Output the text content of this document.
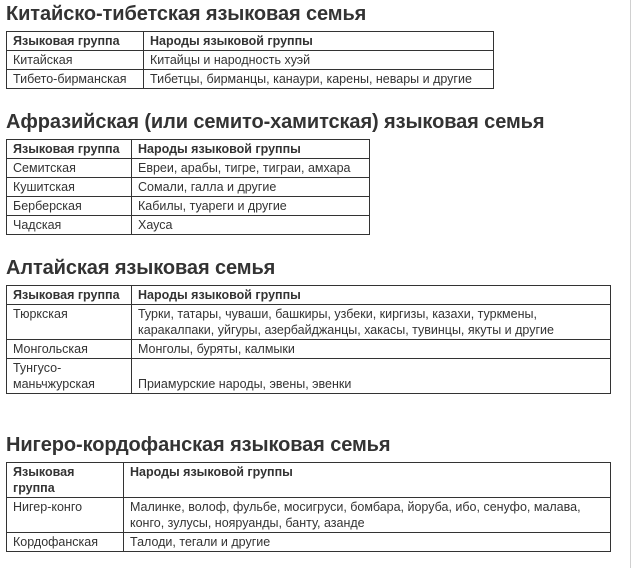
Китайско-тибетская языковая семья
Языковая группа	Народы языковой группы
Китайская	Китайцы и народность хуэй
Тибето-бирманская	Тибетцы, бирманцы, канаури, карены, невары и другие
Афразийская (или семито-хамитская) языковая семья
Языковая группа	Народы языковой группы
Семитская	Евреи, арабы, тигре, тиграи, амхара
Кушитская	Сомали, галла и другие
Берберская	Кабилы, туареги и другие
Чадская	Хауса
Алтайская языковая семья
Языковая группа	Народы языковой группы
Тюркская	Турки, татары, чуваши, башкиры, узбеки, киргизы, казахи, туркмены, каракалпаки, уйгуры, азербайджанцы, хакасы, тувинцы, якуты и другие
Монгольская	Монголы, буряты, калмыки
Тунгусо-маньчжурская	Приамурские народы, эвены, эвенки
Нигеро-кордофанская языковая семья
Языковая группа	Народы языковой группы
Нигер-конго	Малинке, волоф, фульбе, мосигруси, бомбара, йоруба, ибо, сенуфо, малава, конго, зулусы, нояруанды, банту, азанде
Кордофанская	Талоди, тегали и другие
